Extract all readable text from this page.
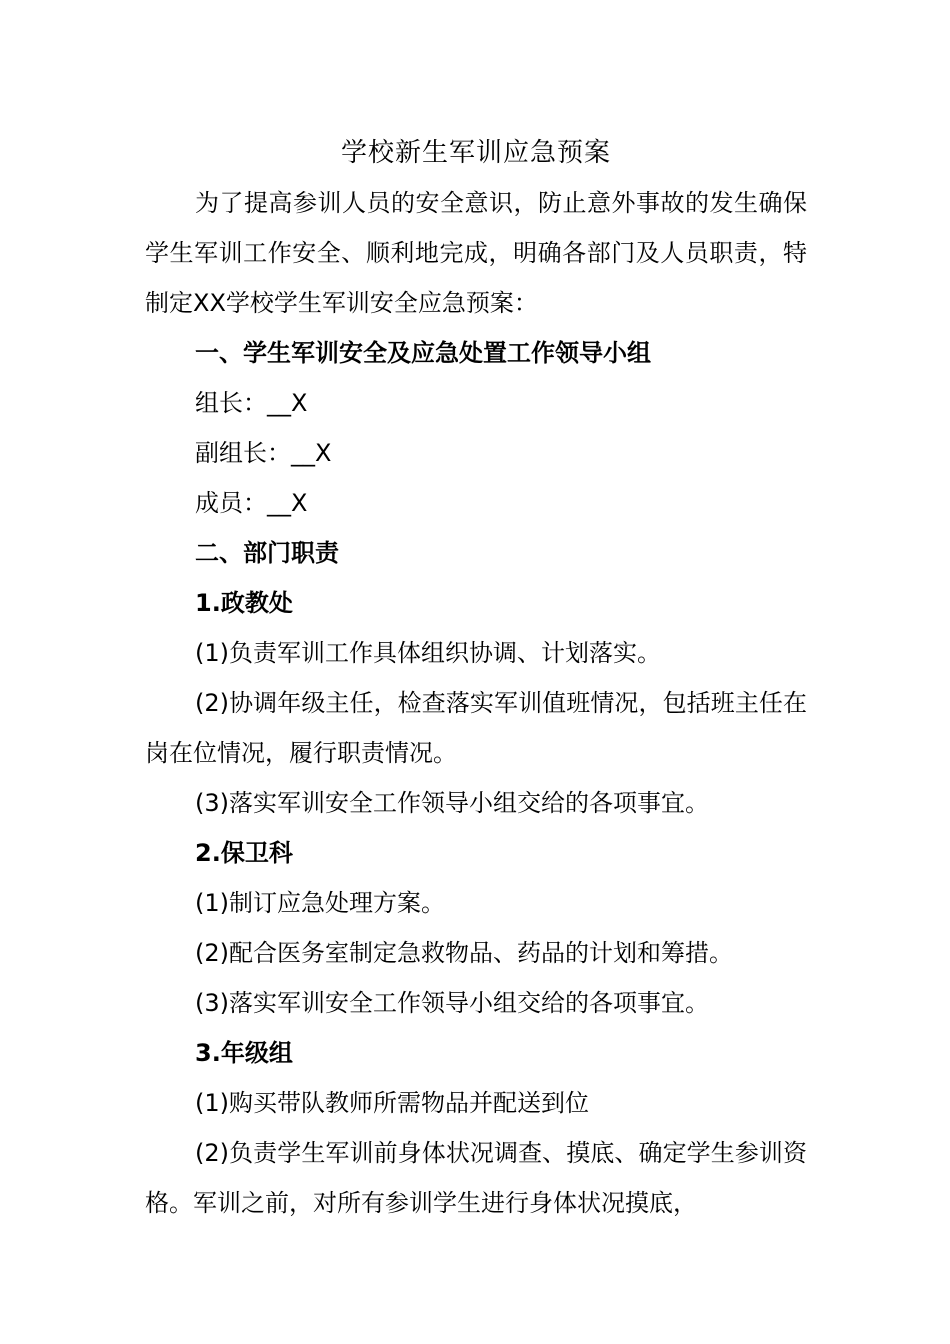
学校新生军训应急预案

为了提高参训人员的安全意识，防止意外事故的发生确保学生军训工作安全、顺利地完成，明确各部门及人员职责，特制定XX学校学生军训安全应急预案：

一、学生军训安全及应急处置工作领导小组

组长：__X

副组长：__X

成员：__X

二、部门职责

1.政教处

(1)负责军训工作具体组织协调、计划落实。

(2)协调年级主任，检查落实军训值班情况，包括班主任在岗在位情况，履行职责情况。

(3)落实军训安全工作领导小组交给的各项事宜。

2.保卫科

(1)制订应急处理方案。

(2)配合医务室制定急救物品、药品的计划和筹措。

(3)落实军训安全工作领导小组交给的各项事宜。

3.年级组

(1)购买带队教师所需物品并配送到位

(2)负责学生军训前身体状况调查、摸底、确定学生参训资格。军训之前，对所有参训学生进行身体状况摸底，
